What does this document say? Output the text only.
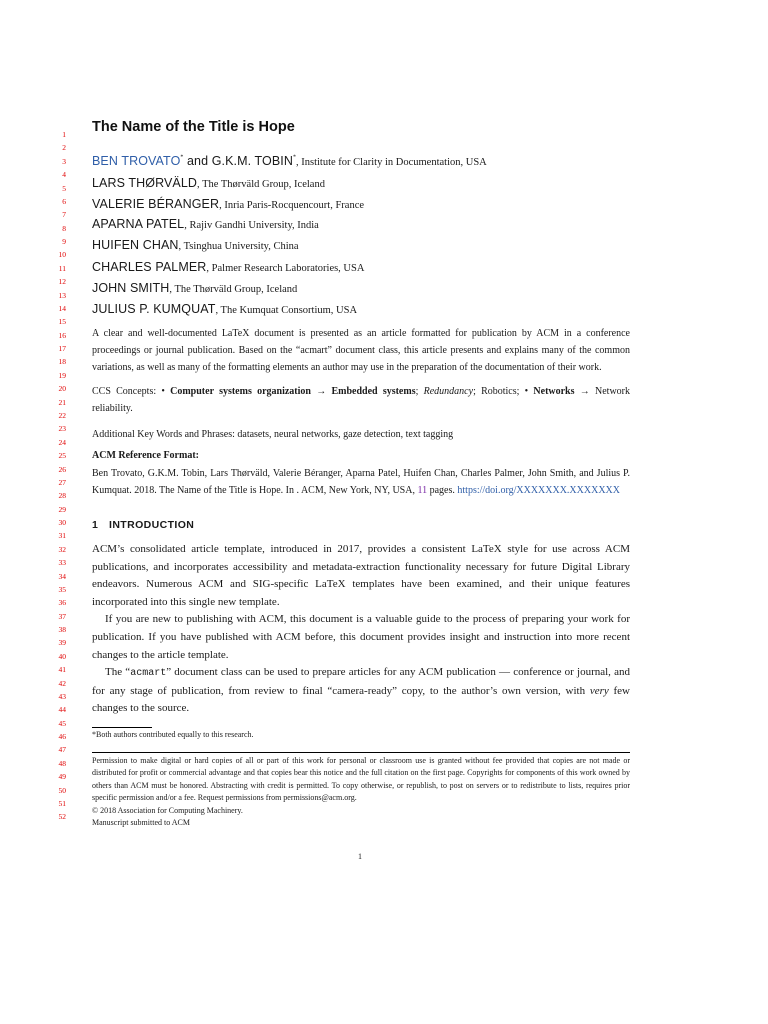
1
2
3
4
5
6
7
8
9
10
11
12
13
14
15
16
17
18
19
20
21
22
23
24
25
26
27
28
29
30
31
32
33
34
35
36
37
38
39
40
41
42
43
44
45
46
47
48
49
50
51
52
The Name of the Title is Hope
BEN TROVATO* and G.K.M. TOBIN*, Institute for Clarity in Documentation, USA
LARS THØRVÄLD, The Thørväld Group, Iceland
VALERIE BÉRANGER, Inria Paris-Rocquencourt, France
APARNA PATEL, Rajiv Gandhi University, India
HUIFEN CHAN, Tsinghua University, China
CHARLES PALMER, Palmer Research Laboratories, USA
JOHN SMITH, The Thørväld Group, Iceland
JULIUS P. KUMQUAT, The Kumquat Consortium, USA
A clear and well-documented LaTeX document is presented as an article formatted for publication by ACM in a conference proceedings or journal publication. Based on the “acmart” document class, this article presents and explains many of the common variations, as well as many of the formatting elements an author may use in the preparation of the documentation of their work.
CCS Concepts: • Computer systems organization → Embedded systems; Redundancy; Robotics; • Networks → Network reliability.
Additional Key Words and Phrases: datasets, neural networks, gaze detection, text tagging
ACM Reference Format:
Ben Trovato, G.K.M. Tobin, Lars Thørväld, Valerie Béranger, Aparna Patel, Huifen Chan, Charles Palmer, John Smith, and Julius P. Kumquat. 2018. The Name of the Title is Hope. In . ACM, New York, NY, USA, 11 pages. https://doi.org/XXXXXXX.XXXXXXX
1 INTRODUCTION

ACM’s consolidated article template, introduced in 2017, provides a consistent LaTeX style for use across ACM publications, and incorporates accessibility and metadata-extraction functionality necessary for future Digital Library endeavors. Numerous ACM and SIG-specific LaTeX templates have been examined, and their unique features incorporated into this single new template.

If you are new to publishing with ACM, this document is a valuable guide to the process of preparing your work for publication. If you have published with ACM before, this document provides insight and instruction into more recent changes to the article template.

The “acmart” document class can be used to prepare articles for any ACM publication — conference or journal, and for any stage of publication, from review to final “camera-ready” copy, to the author’s own version, with very few changes to the source.

*Both authors contributed equally to this research.
Permission to make digital or hard copies of all or part of this work for personal or classroom use is granted without fee provided that copies are not made or distributed for profit or commercial advantage and that copies bear this notice and the full citation on the first page. Copyrights for components of this work owned by others than ACM must be honored. Abstracting with credit is permitted. To copy otherwise, or republish, to post on servers or to redistribute to lists, requires prior specific permission and/or a fee. Request permissions from permissions@acm.org.
© 2018 Association for Computing Machinery.
Manuscript submitted to ACM
1
